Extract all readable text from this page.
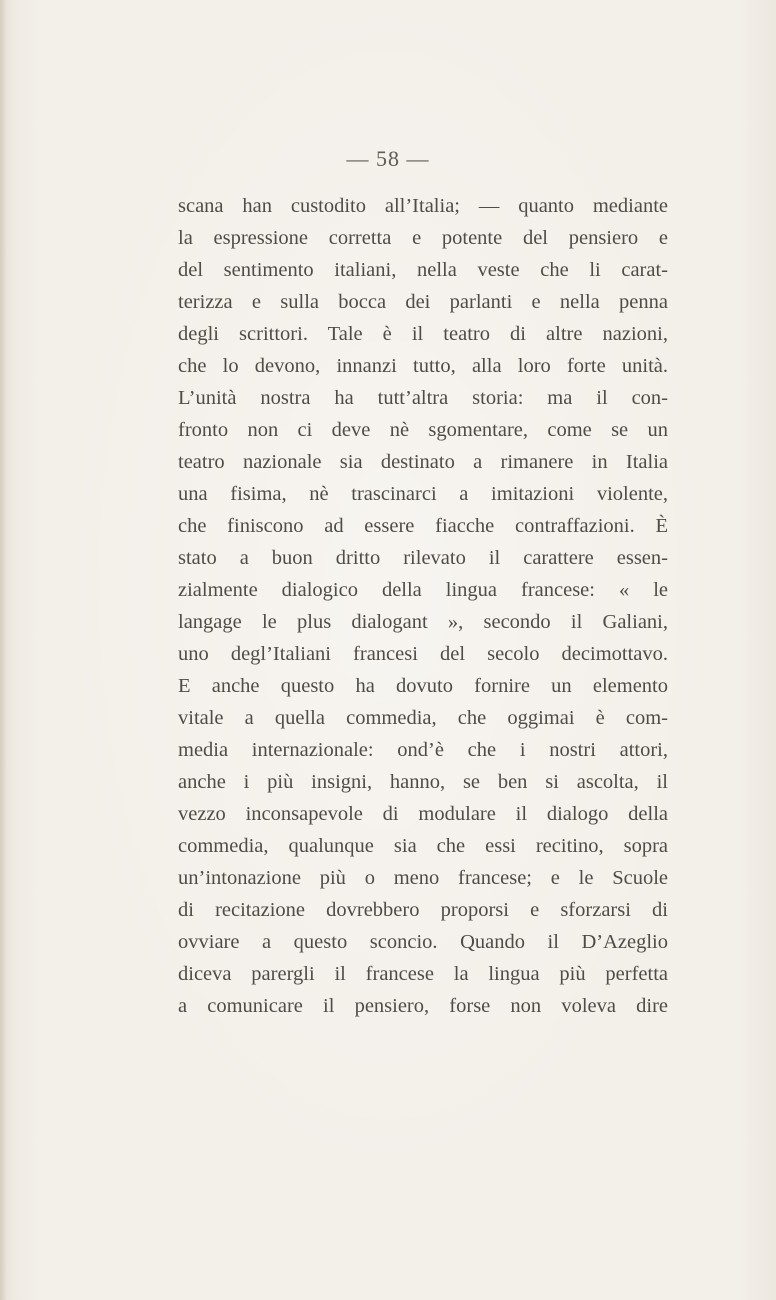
— 58 —
scana han custodito all’Italia; — quanto mediante
la espressione corretta e potente del pensiero e
del sentimento italiani, nella veste che li carat-
terizza e sulla bocca dei parlanti e nella penna
degli scrittori. Tale è il teatro di altre nazioni,
che lo devono, innanzi tutto, alla loro forte unità.
L’unità nostra ha tutt’altra storia: ma il con-
fronto non ci deve nè sgomentare, come se un
teatro nazionale sia destinato a rimanere in Italia
una fisima, nè trascinarci a imitazioni violente,
che finiscono ad essere fiacche contraffazioni. È
stato a buon dritto rilevato il carattere essen-
zialmente dialogico della lingua francese: « le
langage le plus dialogant », secondo il Galiani,
uno degl’Italiani francesi del secolo decimottavo.
E anche questo ha dovuto fornire un elemento
vitale a quella commedia, che oggimai è com-
media internazionale: ond’è che i nostri attori,
anche i più insigni, hanno, se ben si ascolta, il
vezzo inconsapevole di modulare il dialogo della
commedia, qualunque sia che essi recitino, sopra
un’intonazione più o meno francese; e le Scuole
di recitazione dovrebbero proporsi e sforzarsi di
ovviare a questo sconcio. Quando il D’Azeglio
diceva parergli il francese la lingua più perfetta
a comunicare il pensiero, forse non voleva dire
